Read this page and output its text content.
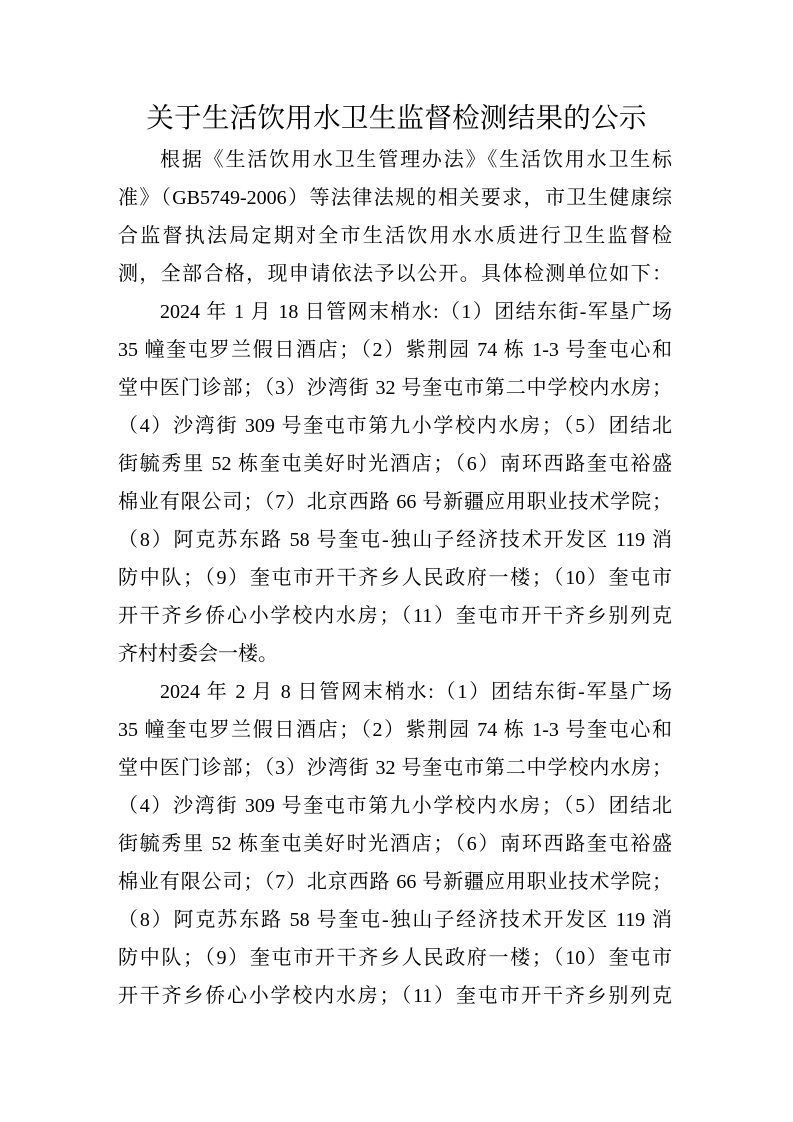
关于生活饮用水卫生监督检测结果的公示
根据《生活饮用水卫生管理办法》《生活饮用水卫生标
准》（GB5749-2006）等法律法规的相关要求，市卫生健康综
合监督执法局定期对全市生活饮用水水质进行卫生监督检
测，全部合格，现申请依法予以公开。具体检测单位如下：
2024 年 1 月 18 日管网末梢水:（1）团结东街-军垦广场
35 幢奎屯罗兰假日酒店；（2）紫荆园 74 栋 1-3 号奎屯心和
堂中医门诊部；（3）沙湾街 32 号奎屯市第二中学校内水房；
（4）沙湾街 309 号奎屯市第九小学校内水房；（5）团结北
街毓秀里 52 栋奎屯美好时光酒店；（6）南环西路奎屯裕盛
棉业有限公司；（7）北京西路 66 号新疆应用职业技术学院；
（8）阿克苏东路 58 号奎屯-独山子经济技术开发区 119 消
防中队；（9）奎屯市开干齐乡人民政府一楼；（10）奎屯市
开干齐乡侨心小学校内水房；（11）奎屯市开干齐乡别列克
齐村村委会一楼。
2024 年 2 月 8 日管网末梢水:（1）团结东街-军垦广场
35 幢奎屯罗兰假日酒店；（2）紫荆园 74 栋 1-3 号奎屯心和
堂中医门诊部；（3）沙湾街 32 号奎屯市第二中学校内水房；
（4）沙湾街 309 号奎屯市第九小学校内水房；（5）团结北
街毓秀里 52 栋奎屯美好时光酒店；（6）南环西路奎屯裕盛
棉业有限公司；（7）北京西路 66 号新疆应用职业技术学院；
（8）阿克苏东路 58 号奎屯-独山子经济技术开发区 119 消
防中队；（9）奎屯市开干齐乡人民政府一楼；（10）奎屯市
开干齐乡侨心小学校内水房；（11）奎屯市开干齐乡别列克
